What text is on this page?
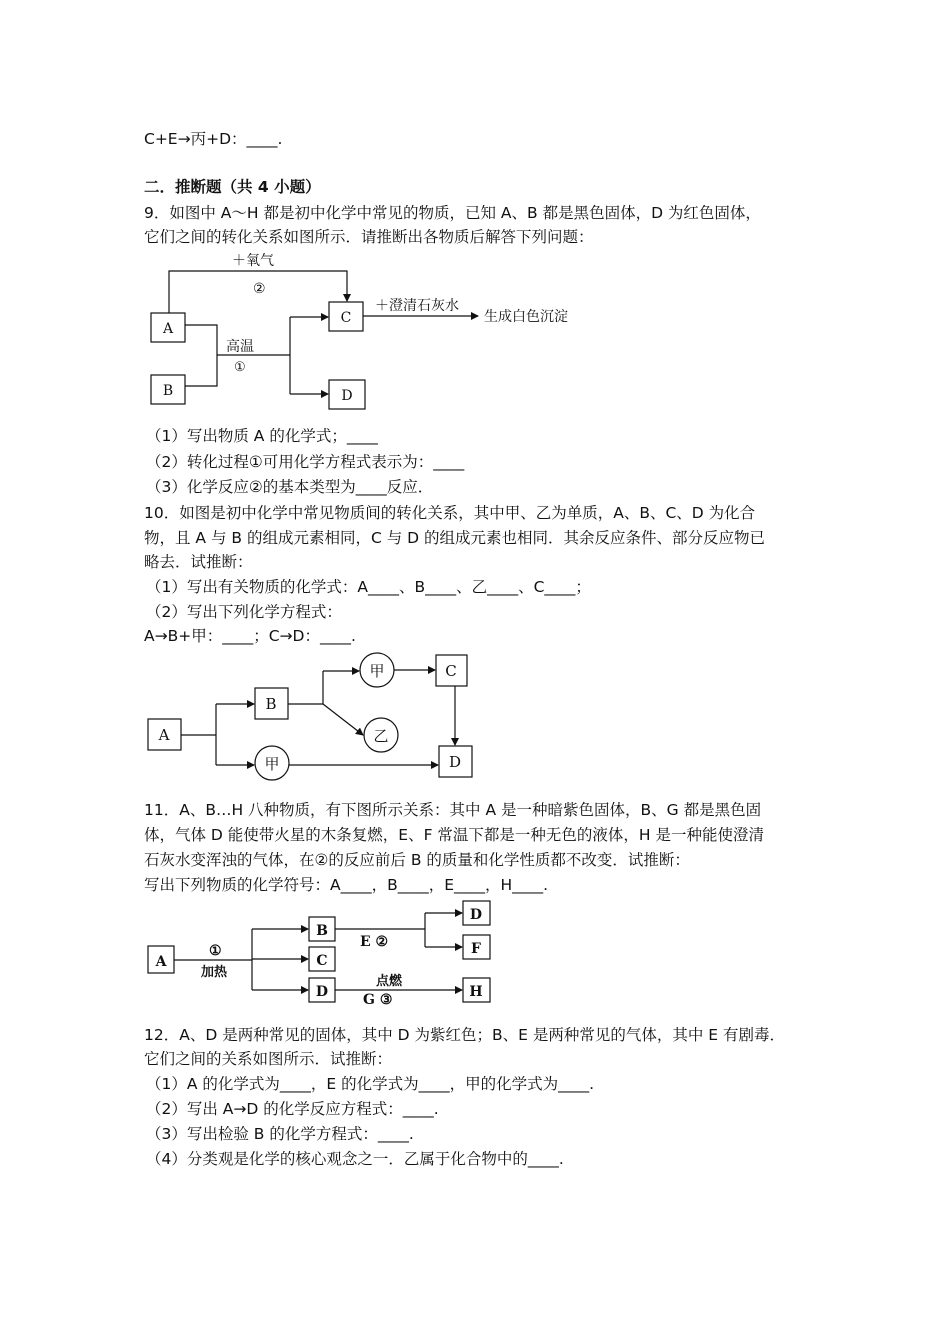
C+E→丙+D：____.
二．推断题（共 4 小题）
9．如图中 A～H 都是初中化学中常见的物质，已知 A、B 都是黑色固体，D 为红色固体，
它们之间的转化关系如图所示．请推断出各物质后解答下列问题：
（1）写出物质 A 的化学式；____
（2）转化过程①可用化学方程式表示为：____
（3）化学反应②的基本类型为____反应．
10．如图是初中化学中常见物质间的转化关系，其中甲、乙为单质，A、B、C、D 为化合
物，且 A 与 B 的组成元素相同，C 与 D 的组成元素也相同．其余反应条件、部分反应物已
略去．试推断：
（1）写出有关物质的化学式：A____、B____、乙____、C____；
（2）写出下列化学方程式：
A→B+甲：____；C→D：____.
11．A、B…H 八种物质，有下图所示关系：其中 A 是一种暗紫色固体，B、G 都是黑色固
体，气体 D 能使带火星的木条复燃，E、F 常温下都是一种无色的液体，H 是一种能使澄清
石灰水变浑浊的气体，在②的反应前后 B 的质量和化学性质都不改变．试推断：
写出下列物质的化学符号：A____，B____，E____，H____.
12．A、D 是两种常见的固体，其中 D 为紫红色；B、E 是两种常见的气体，其中 E 有剧毒．
它们之间的关系如图所示．试推断：
（1）A 的化学式为____，E 的化学式为____，甲的化学式为____.
（2）写出 A→D 的化学反应方程式：____.
（3）写出检验 B 的化学方程式：____.
（4）分类观是化学的核心观念之一．乙属于化合物中的____.
A
B
C
D
＋氧气
②
＋澄清石灰水
生成白色沉淀
高温
①
A
B
C
D
甲
乙
甲
A
B
C
D
D
F
H
①
加热
E ②
点燃
G ③
